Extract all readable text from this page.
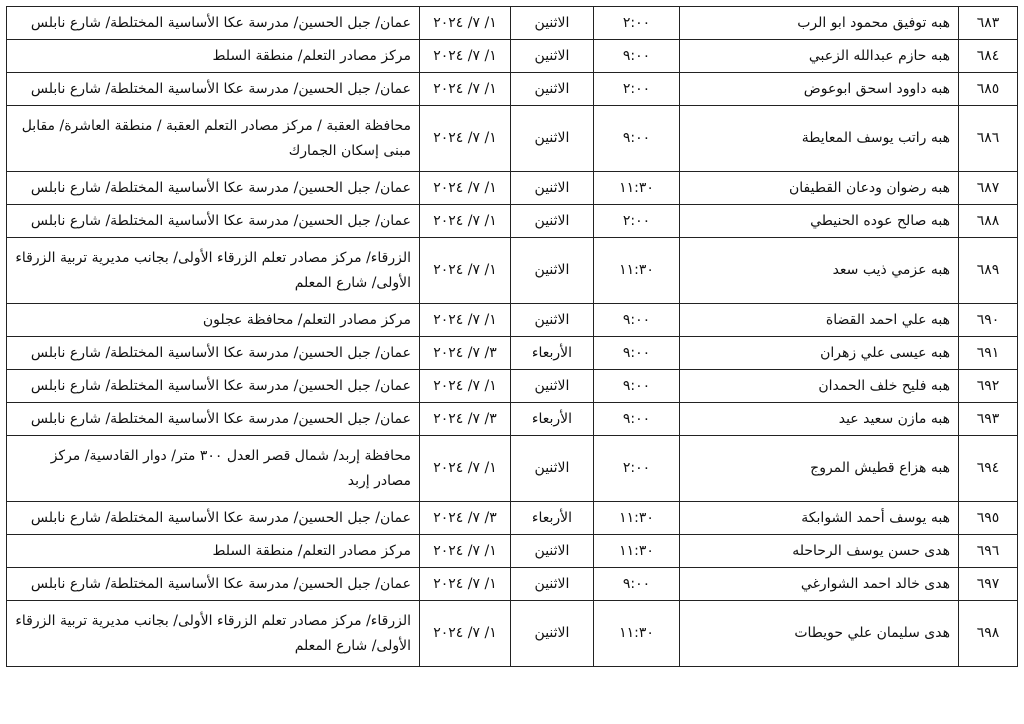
٦٨٣	هبه توفيق محمود ابو الرب	٢:٠٠	الاثنين	١/ ٧/ ٢٠٢٤	عمان/ جبل الحسين/ مدرسة عكا الأساسية المختلطة/ شارع نابلس
٦٨٤	هبه حازم عبدالله الزعبي	٩:٠٠	الاثنين	١/ ٧/ ٢٠٢٤	مركز مصادر التعلم/ منطقة السلط
٦٨٥	هبه داوود اسحق ابوعوض	٢:٠٠	الاثنين	١/ ٧/ ٢٠٢٤	عمان/ جبل الحسين/ مدرسة عكا الأساسية المختلطة/ شارع نابلس
٦٨٦	هبه راتب يوسف المعايطة	٩:٠٠	الاثنين	١/ ٧/ ٢٠٢٤	محافظة العقبة / مركز مصادر التعلم العقبة / منطقة العاشرة/ مقابل مبنى إسكان الجمارك
٦٨٧	هبه رضوان ودعان القطيفان	١١:٣٠	الاثنين	١/ ٧/ ٢٠٢٤	عمان/ جبل الحسين/ مدرسة عكا الأساسية المختلطة/ شارع نابلس
٦٨٨	هبه صالح عوده الحنيطي	٢:٠٠	الاثنين	١/ ٧/ ٢٠٢٤	عمان/ جبل الحسين/ مدرسة عكا الأساسية المختلطة/ شارع نابلس
٦٨٩	هبه عزمي ذيب سعد	١١:٣٠	الاثنين	١/ ٧/ ٢٠٢٤	الزرقاء/ مركز مصادر تعلم الزرقاء الأولى/ بجانب مديرية تربية الزرقاء الأولى/ شارع المعلم
٦٩٠	هبه علي احمد القضاة	٩:٠٠	الاثنين	١/ ٧/ ٢٠٢٤	مركز مصادر التعلم/ محافظة عجلون
٦٩١	هبه عيسى علي زهران	٩:٠٠	الأربعاء	٣/ ٧/ ٢٠٢٤	عمان/ جبل الحسين/ مدرسة عكا الأساسية المختلطة/ شارع نابلس
٦٩٢	هبه فليح خلف الحمدان	٩:٠٠	الاثنين	١/ ٧/ ٢٠٢٤	عمان/ جبل الحسين/ مدرسة عكا الأساسية المختلطة/ شارع نابلس
٦٩٣	هبه مازن سعيد عيد	٩:٠٠	الأربعاء	٣/ ٧/ ٢٠٢٤	عمان/ جبل الحسين/ مدرسة عكا الأساسية المختلطة/ شارع نابلس
٦٩٤	هبه هزاع قطيش المروج	٢:٠٠	الاثنين	١/ ٧/ ٢٠٢٤	محافظة إربد/ شمال قصر العدل ٣٠٠ متر/ دوار القادسية/ مركز مصادر إربد
٦٩٥	هبه يوسف أحمد الشوابكة	١١:٣٠	الأربعاء	٣/ ٧/ ٢٠٢٤	عمان/ جبل الحسين/ مدرسة عكا الأساسية المختلطة/ شارع نابلس
٦٩٦	هدى حسن يوسف الرحاحله	١١:٣٠	الاثنين	١/ ٧/ ٢٠٢٤	مركز مصادر التعلم/ منطقة السلط
٦٩٧	هدى خالد احمد الشوارغي	٩:٠٠	الاثنين	١/ ٧/ ٢٠٢٤	عمان/ جبل الحسين/ مدرسة عكا الأساسية المختلطة/ شارع نابلس
٦٩٨	هدى سليمان علي حويطات	١١:٣٠	الاثنين	١/ ٧/ ٢٠٢٤	الزرقاء/ مركز مصادر تعلم الزرقاء الأولى/ بجانب مديرية تربية الزرقاء الأولى/ شارع المعلم
